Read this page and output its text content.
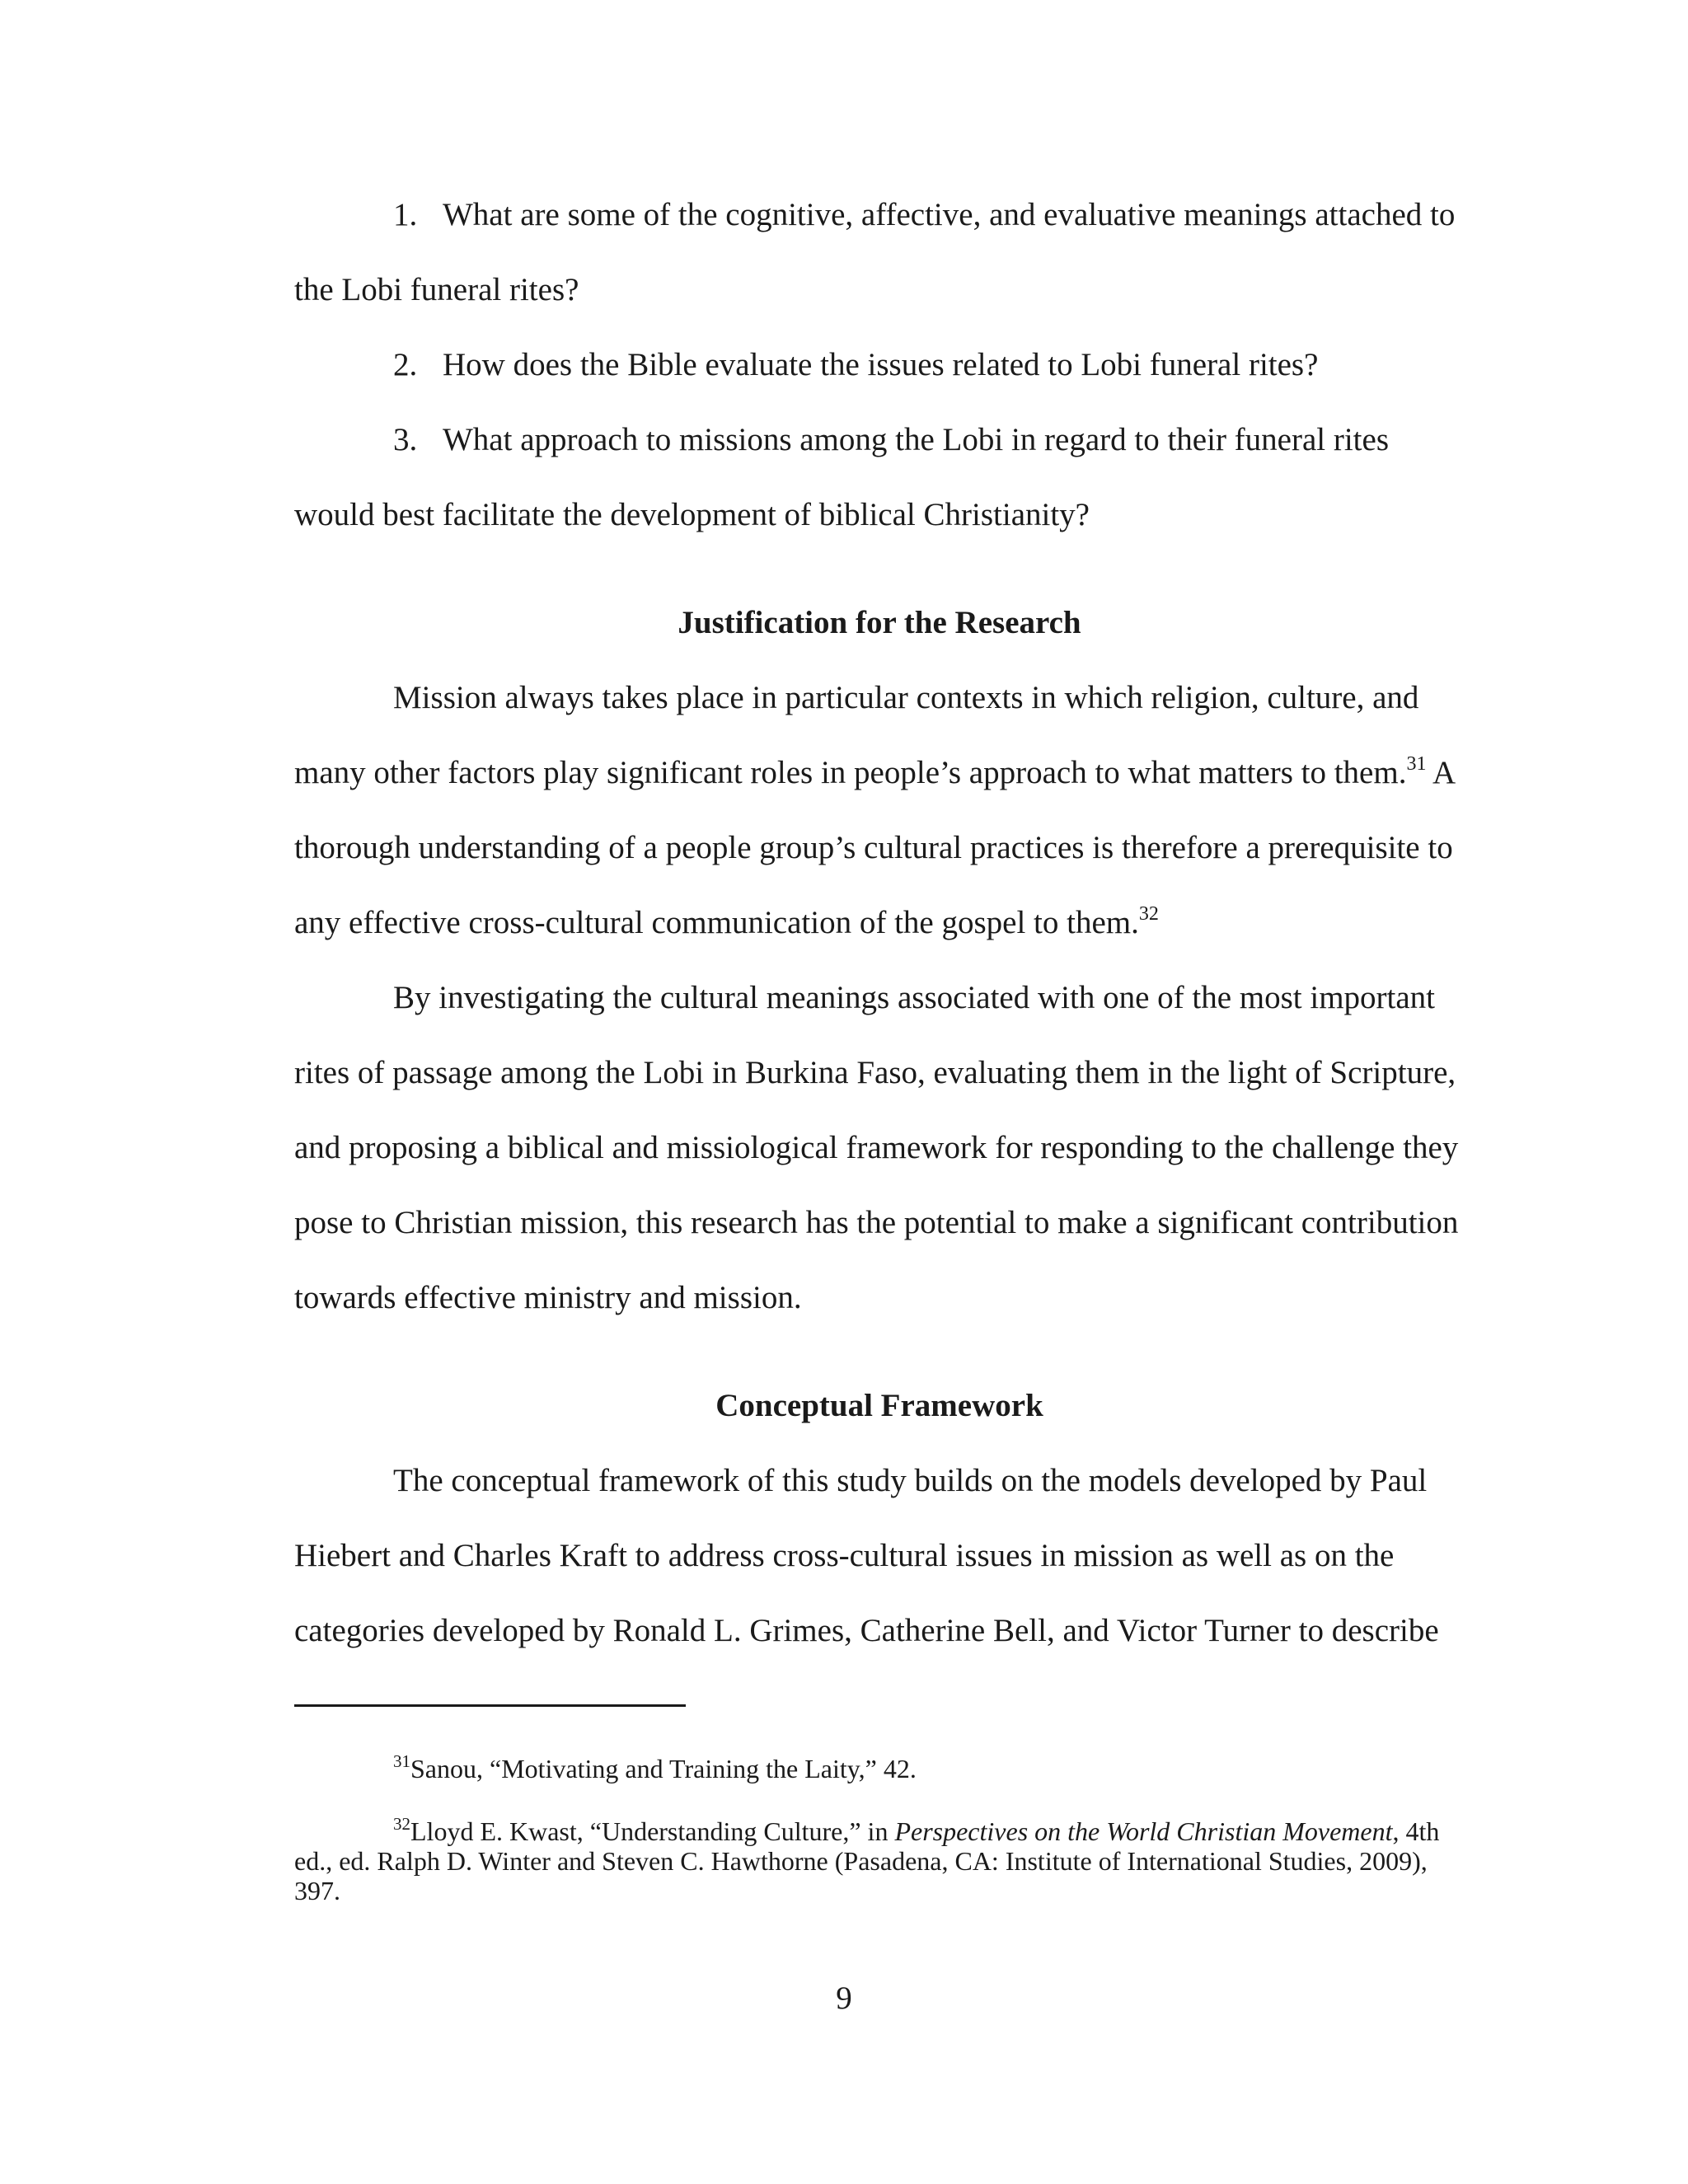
1. What are some of the cognitive, affective, and evaluative meanings attached to the Lobi funeral rites?

2. How does the Bible evaluate the issues related to Lobi funeral rites?

3. What approach to missions among the Lobi in regard to their funeral rites would best facilitate the development of biblical Christianity?

Justification for the Research

Mission always takes place in particular contexts in which religion, culture, and many other factors play significant roles in people’s approach to what matters to them.$^{31}$ A thorough understanding of a people group’s cultural practices is therefore a prerequisite to any effective cross-cultural communication of the gospel to them.$^{32}$

By investigating the cultural meanings associated with one of the most important rites of passage among the Lobi in Burkina Faso, evaluating them in the light of Scripture, and proposing a biblical and missiological framework for responding to the challenge they pose to Christian mission, this research has the potential to make a significant contribution towards effective ministry and mission.

Conceptual Framework

The conceptual framework of this study builds on the models developed by Paul Hiebert and Charles Kraft to address cross-cultural issues in mission as well as on the categories developed by Ronald L. Grimes, Catherine Bell, and Victor Turner to describe

$^{31}$Sanou, “Motivating and Training the Laity,” 42.

$^{32}$Lloyd E. Kwast, “Understanding Culture,” in Perspectives on the World Christian Movement, 4th ed., ed. Ralph D. Winter and Steven C. Hawthorne (Pasadena, CA: Institute of International Studies, 2009), 397.

9
